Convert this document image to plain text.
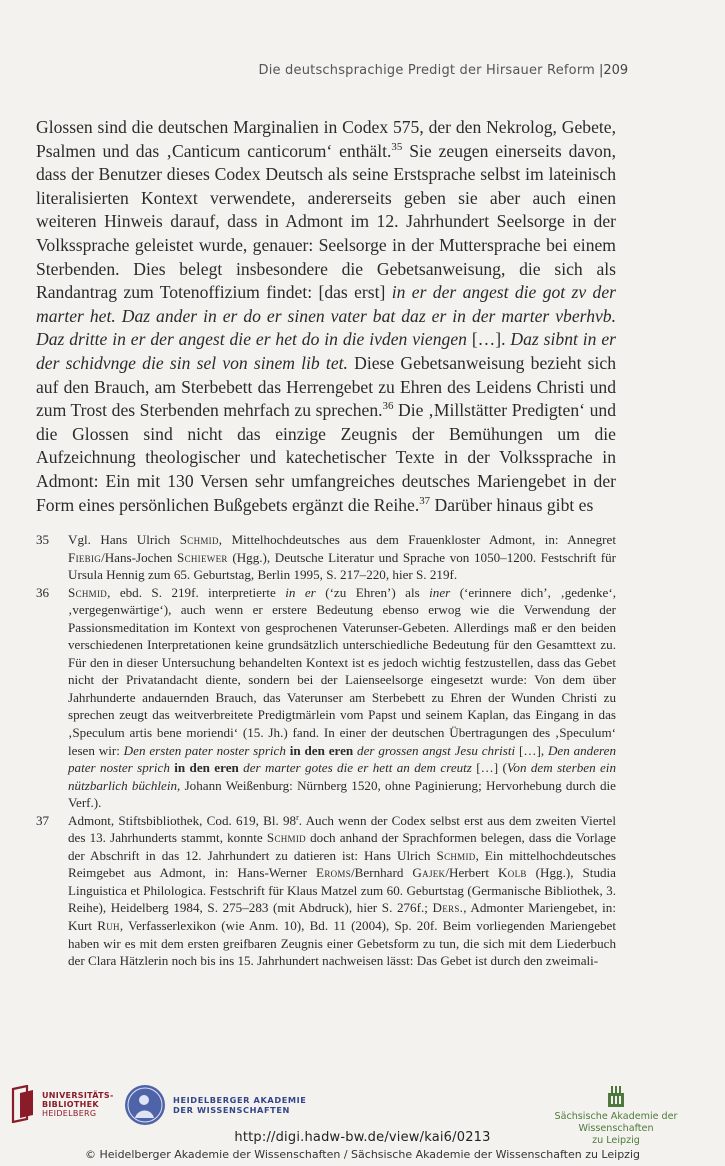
Die deutschsprachige Predigt der Hirsauer Reform |209

Glossen sind die deutschen Marginalien in Codex 575, der den Nekrolog, Gebete, Psalmen und das ‚Canticum canticorum‘ enthält.$^{35}$ Sie zeugen einerseits davon, dass der Benutzer dieses Codex Deutsch als seine Erstsprache selbst im lateinisch literalisierten Kontext verwendete, andererseits geben sie aber auch einen weiteren Hinweis darauf, dass in Admont im 12. Jahrhundert Seelsorge in der Volkssprache geleistet wurde, genauer: Seelsorge in der Muttersprache bei einem Sterbenden. Dies belegt insbesondere die Gebetsanweisung, die sich als Randantrag zum Totenoffizium findet: [das erst] in er der angest die got zv der marter het. Daz ander in er do er sinen vater bat daz er in der marter vberhvb. Daz dritte in er der angest die er het do in die ivden viengen […]. Daz sibnt in er der schidvnge die sin sel von sinem lib tet. Diese Gebetsanweisung bezieht sich auf den Brauch, am Sterbebett das Herrengebet zu Ehren des Leidens Christi und zum Trost des Sterbenden mehrfach zu sprechen.$^{36}$ Die ‚Millstätter Predigten‘ und die Glossen sind nicht das einzige Zeugnis der Bemühungen um die Aufzeichnung theologischer und katechetischer Texte in der Volkssprache in Admont: Ein mit 130 Versen sehr umfangreiches deutsches Mariengebet in der Form eines persönlichen Bußgebets ergänzt die Reihe.$^{37}$ Darüber hinaus gibt es

35	Vgl. Hans Ulrich Schmid, Mittelhochdeutsches aus dem Frauenkloster Admont, in: Annegret Fiebig/Hans-Jochen Schiewer (Hgg.), Deutsche Literatur und Sprache von 1050–1200. Festschrift für Ursula Hennig zum 65. Geburtstag, Berlin 1995, S. 217–220, hier S. 219f.
36	Schmid, ebd. S. 219f. interpretierte in er (‘zu Ehren’) als iner (‘erinnere dich’, ‚gedenke‘, ‚vergegenwärtige‘), auch wenn er erstere Bedeutung ebenso erwog wie die Verwendung der Passionsmeditation im Kontext von gesprochenen Vaterunser-Gebeten. Allerdings maß er den beiden verschiedenen Interpretationen keine grundsätzlich unterschiedliche Bedeutung für den Gesamttext zu. Für den in dieser Untersuchung behandelten Kontext ist es jedoch wichtig festzustellen, dass das Gebet nicht der Privatandacht diente, sondern bei der Laienseelsorge eingesetzt wurde: Von dem über Jahrhunderte andauernden Brauch, das Vaterunser am Sterbebett zu Ehren der Wunden Christi zu sprechen zeugt das weitverbreitete Predigtmärlein vom Papst und seinem Kaplan, das Eingang in das ‚Speculum artis bene moriendi‘ (15. Jh.) fand. In einer der deutschen Übertragungen des ‚Speculum‘ lesen wir: Den ersten pater noster sprich in den eren der grossen angst Jesu christi […], Den anderen pater noster sprich in den eren der marter gotes die er hett an dem creutz […] (Von dem sterben ein nützbarlich büchlein, Johann Weißenburg: Nürnberg 1520, ohne Paginierung; Hervorhebung durch die Verf.).
37	Admont, Stiftsbibliothek, Cod. 619, Bl. 98$^r$. Auch wenn der Codex selbst erst aus dem zweiten Viertel des 13. Jahrhunderts stammt, konnte Schmid doch anhand der Sprachformen belegen, dass die Vorlage der Abschrift in das 12. Jahrhundert zu datieren ist: Hans Ulrich Schmid, Ein mittelhochdeutsches Reimgebet aus Admont, in: Hans-Werner Eroms/Bernhard Gajek/Herbert Kolb (Hgg.), Studia Linguistica et Philologica. Festschrift für Klaus Matzel zum 60. Geburtstag (Germanische Bibliothek, 3. Reihe), Heidelberg 1984, S. 275–283 (mit Abdruck), hier S. 276f.; Ders., Admonter Mariengebet, in: Kurt Ruh, Verfasserlexikon (wie Anm. 10), Bd. 11 (2004), Sp. 20f. Beim vorliegenden Mariengebet haben wir es mit dem ersten greifbaren Zeugnis einer Gebetsform zu tun, die sich mit dem Liederbuch der Clara Hätzlerin noch bis ins 15. Jahrhundert nachweisen lässt: Das Gebet ist durch den zweimali-
UNIVERSITÄTS-
BIBLIOTHEK
HEIDELBERG
HEIDELBERGER AKADEMIE
DER WISSENSCHAFTEN
Sächsische Akademie der Wissenschaften
zu Leipzig
http://digi.hadw-bw.de/view/kai6/0213
© Heidelberger Akademie der Wissenschaften / Sächsische Akademie der Wissenschaften zu Leipzig
